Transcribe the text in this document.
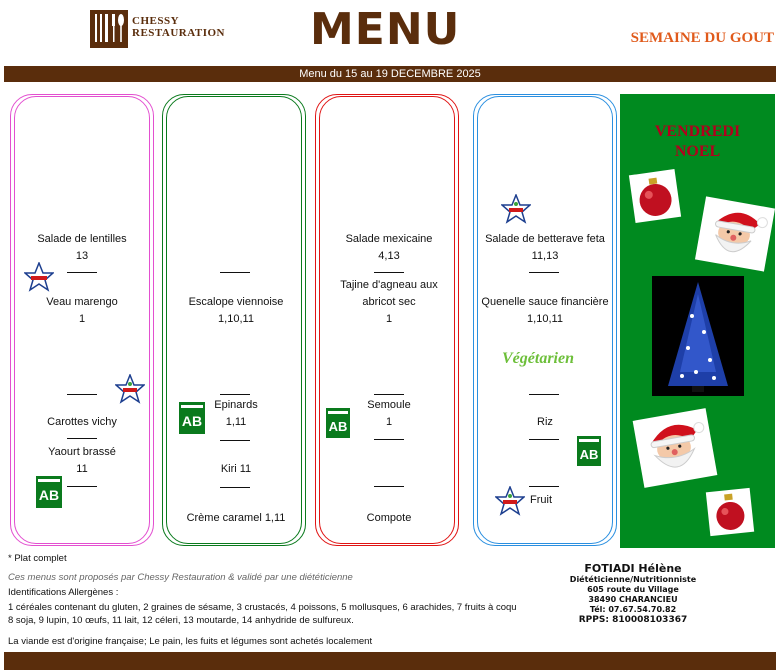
CHESSY
RESTAURATION MENU	SEMAINE DU GOUT
Menu du 15 au 19 DECEMBRE 2025
Salade de lentilles
13
Veau marengo
1
Carottes vichy
Yaourt brassé
11
Escalope viennoise
1,10,11
Epinards
1,11
Kiri 11
Crème caramel 1,11
Salade mexicaine
4,13
Tajine d'agneau aux
abricot sec
1
Semoule
1
Compote
Salade de betterave feta
11,13
Quenelle sauce financière
1,10,11
Végétarien
Riz
Fruit
VENDREDI
NOEL
AB
AB	AB
AB
* Plat complet
Ces menus sont proposés par Chessy Restauration & validé par une diététicienne
Identifications Allergènes :
1 céréales contenant du gluten, 2 graines de sésame, 3 crustacés, 4 poissons, 5 mollusques, 6 arachides, 7 fruits à coqu
8 soja, 9 lupin, 10 œufs, 11 lait, 12 céleri, 13 moutarde, 14 anhydride de sulfureux.
La viande est d'origine française; Le pain, les fuits et légumes sont achetés localement
FOTIADI Hélène
Diététicienne/Nutritionniste
605 route du Village
38490 CHARANCIEU
Tél: 07.67.54.70.82
RPPS: 810008103367
